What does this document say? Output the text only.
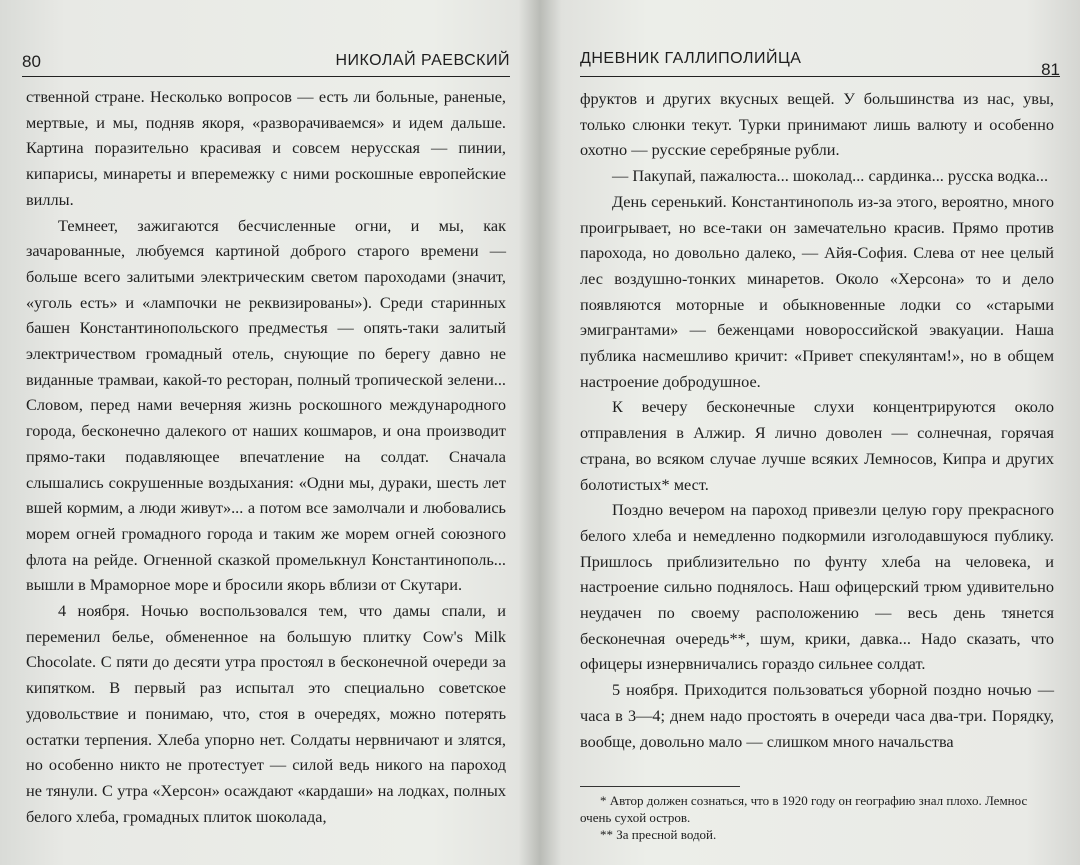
80	НИКОЛАЙ РАЕВСКИЙ

ственной стране. Несколько вопросов — есть ли больные, раненые, мертвые, и мы, подняв якоря, «разворачиваемся» и идем дальше. Картина поразительно красивая и совсем нерусская — пинии, кипарисы, минареты и вперемежку с ними роскошные европейские виллы.

Темнеет, зажигаются бесчисленные огни, и мы, как зачарованные, любуемся картиной доброго старого времени — больше всего залитыми электрическим светом пароходами (значит, «уголь есть» и «лампочки не реквизированы»). Среди старинных башен Константинопольского предместья — опять-таки залитый электричеством громадный отель, снующие по берегу давно не виданные трамваи, какой-то ресторан, полный тропической зелени... Словом, перед нами вечерняя жизнь роскошного международного города, бесконечно далекого от наших кошмаров, и она производит прямо-таки подавляющее впечатление на солдат. Сначала слышались сокрушенные воздыхания: «Одни мы, дураки, шесть лет вшей кормим, а люди живут»... а потом все замолчали и любовались морем огней громадного города и таким же морем огней союзного флота на рейде. Огненной сказкой промелькнул Константинополь... вышли в Мраморное море и бросили якорь вблизи от Скутари.

4 ноября. Ночью воспользовался тем, что дамы спали, и переменил белье, обмененное на большую плитку Cow's Milk Chocolate. С пяти до десяти утра простоял в бесконечной очереди за кипятком. В первый раз испытал это специально советское удовольствие и понимаю, что, стоя в очередях, можно потерять остатки терпения. Хлеба упорно нет. Солдаты нервничают и злятся, но особенно никто не протестует — силой ведь никого на пароход не тянули. С утра «Херсон» осаждают «кардаши» на лодках, полных белого хлеба, громадных плиток шоколада,

ДНЕВНИК ГАЛЛИПОЛИЙЦА
81

фруктов и других вкусных вещей. У большинства из нас, увы, только слюнки текут. Турки принимают лишь валюту и особенно охотно — русские серебряные рубли.

— Пакупай, пажалюста... шоколад... сардинка... русска водка...

День серенький. Константинополь из-за этого, вероятно, много проигрывает, но все-таки он замечательно красив. Прямо против парохода, но довольно далеко, — Айя-София. Слева от нее целый лес воздушно-тонких минаретов. Около «Херсона» то и дело появляются моторные и обыкновенные лодки со «старыми эмигрантами» — беженцами новороссийской эвакуации. Наша публика насмешливо кричит: «Привет спекулянтам!», но в общем настроение добродушное.

К вечеру бесконечные слухи концентрируются около отправления в Алжир. Я лично доволен — солнечная, горячая страна, во всяком случае лучше всяких Лемносов, Кипра и других болотистых* мест.

Поздно вечером на пароход привезли целую гору прекрасного белого хлеба и немедленно подкормили изголодавшуюся публику. Пришлось приблизительно по фунту хлеба на человека, и настроение сильно поднялось. Наш офицерский трюм удивительно неудачен по своему расположению — весь день тянется бесконечная очередь**, шум, крики, давка... Надо сказать, что офицеры изнервничались гораздо сильнее солдат.

5 ноября. Приходится пользоваться уборной поздно ночью — часа в 3—4; днем надо простоять в очереди часа два-три. Порядку, вообще, довольно мало — слишком много начальства

* Автор должен сознаться, что в 1920 году он географию знал плохо. Лемнос очень сухой остров.

** За пресной водой.
